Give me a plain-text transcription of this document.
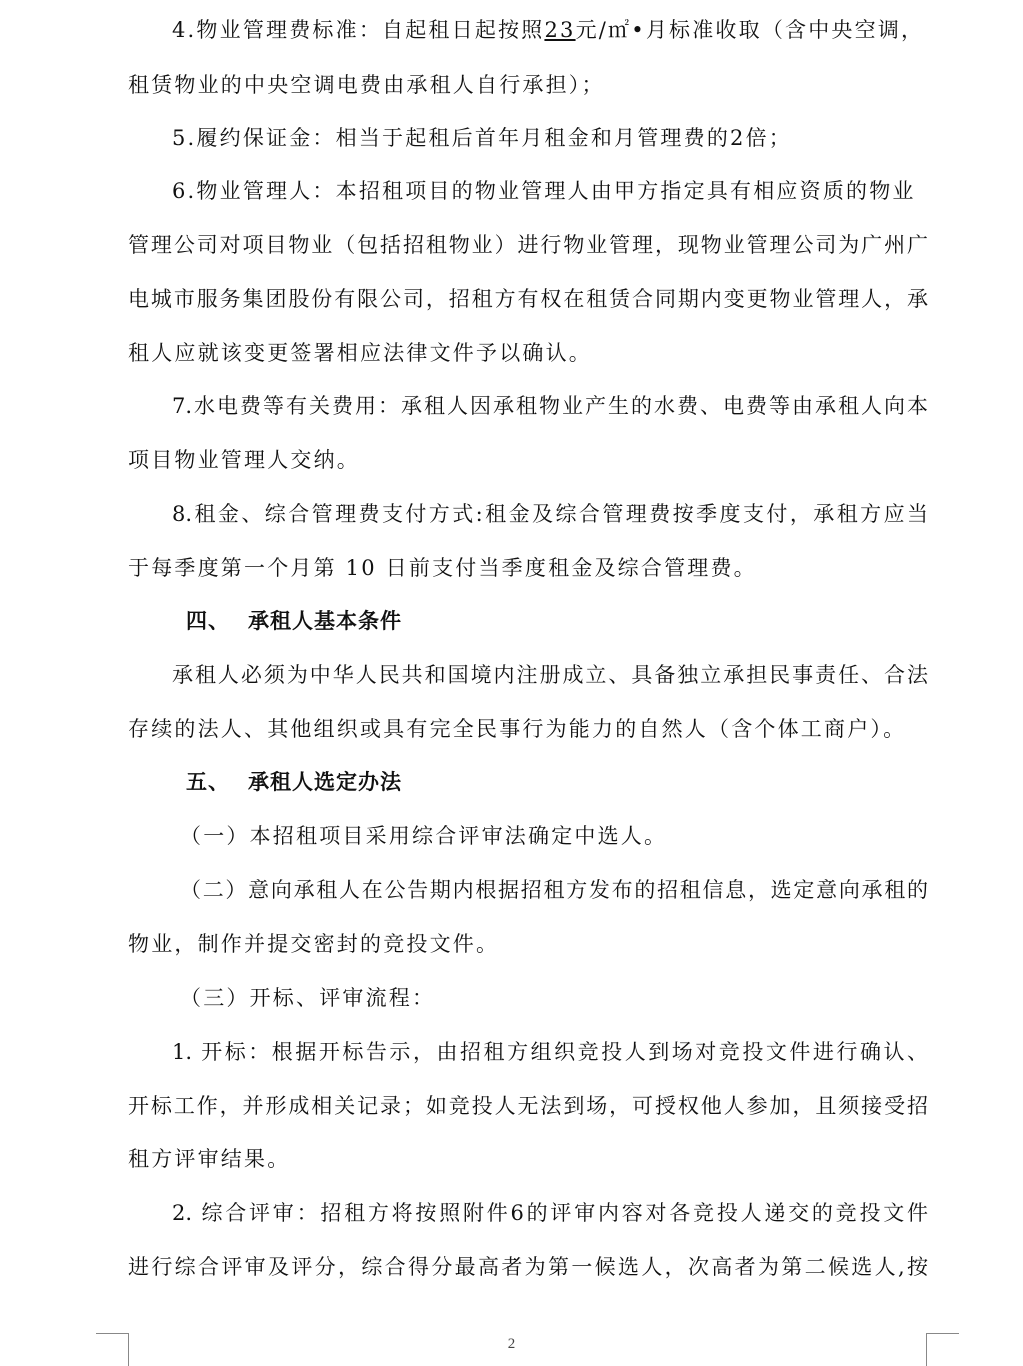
4.物业管理费标准：自起租日起按照23元/㎡•月标准收取（含中央空调，
租赁物业的中央空调电费由承租人自行承担）；
5.履约保证金：相当于起租后首年月租金和月管理费的2倍；
6.物业管理人：本招租项目的物业管理人由甲方指定具有相应资质的物业
管理公司对项目物业（包括招租物业）进行物业管理，现物业管理公司为广州广
电城市服务集团股份有限公司，招租方有权在租赁合同期内变更物业管理人，承
租人应就该变更签署相应法律文件予以确认。
7.水电费等有关费用：承租人因承租物业产生的水费、电费等由承租人向本
项目物业管理人交纳。
8.租金、综合管理费支付方式:租金及综合管理费按季度支付，承租方应当
于每季度第一个月第 10 日前支付当季度租金及综合管理费。
四、 承租人基本条件
承租人必须为中华人民共和国境内注册成立、具备独立承担民事责任、合法
存续的法人、其他组织或具有完全民事行为能力的自然人（含个体工商户）。
五、 承租人选定办法
（一）本招租项目采用综合评审法确定中选人。
（二）意向承租人在公告期内根据招租方发布的招租信息，选定意向承租的
物业，制作并提交密封的竞投文件。
（三）开标、评审流程：
1. 开标：根据开标告示，由招租方组织竞投人到场对竞投文件进行确认、
开标工作，并形成相关记录；如竞投人无法到场，可授权他人参加，且须接受招
租方评审结果。
2. 综合评审：招租方将按照附件6的评审内容对各竞投人递交的竞投文件
进行综合评审及评分，综合得分最高者为第一候选人，次高者为第二候选人,按
2
